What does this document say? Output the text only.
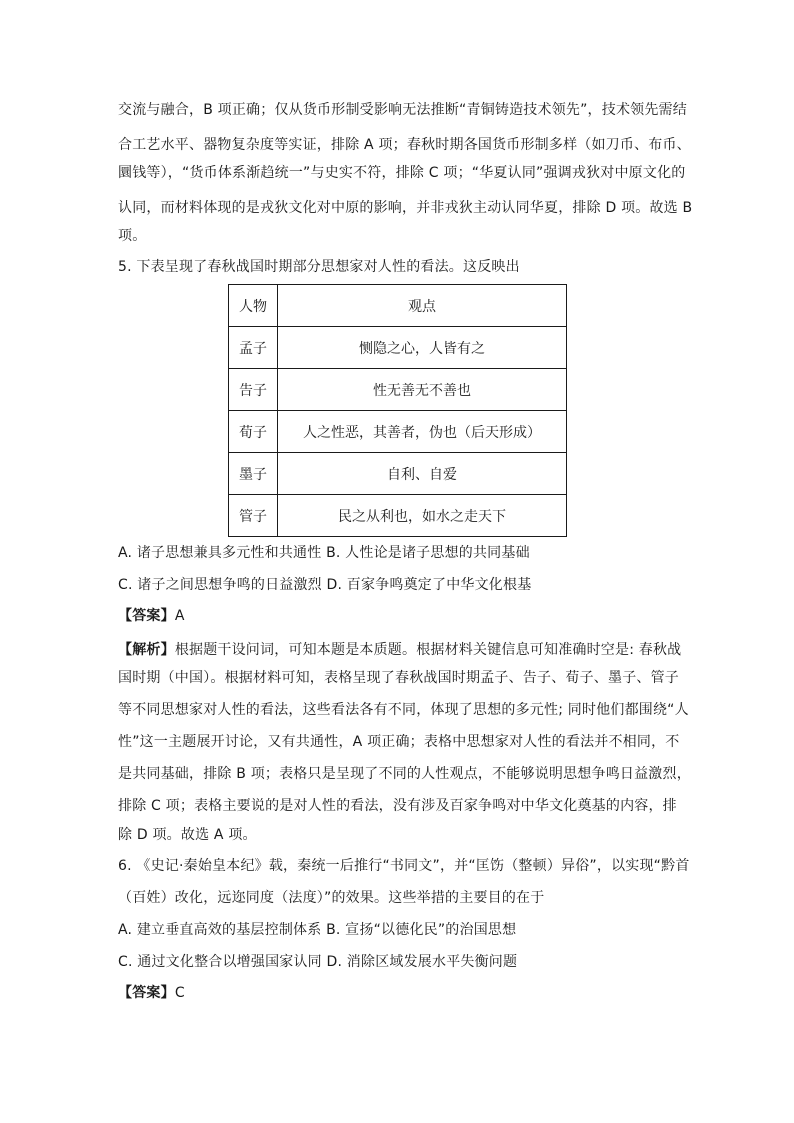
交流与融合，B 项正确；仅从货币形制受影响无法推断“青铜铸造技术领先”，技术领先需结
合工艺水平、器物复杂度等实证，排除 A 项；春秋时期各国货币形制多样（如刀币、布币、
圜钱等），“货币体系渐趋统一”与史实不符，排除 C 项；“华夏认同”强调戎狄对中原文化的
认同，而材料体现的是戎狄文化对中原的影响，并非戎狄主动认同华夏，排除 D 项。故选 B
项。
5. 下表呈现了春秋战国时期部分思想家对人性的看法。这反映出
人物	观点
孟子	恻隐之心，人皆有之
告子	性无善无不善也
荀子	人之性恶，其善者，伪也（后天形成）
墨子	自利、自爱
管子	民之从利也，如水之走天下
A. 诸子思想兼具多元性和共通性 B. 人性论是诸子思想的共同基础
C. 诸子之间思想争鸣的日益激烈 D. 百家争鸣奠定了中华文化根基
【答案】A
【解析】根据题干设问词，可知本题是本质题。根据材料关键信息可知准确时空是: 春秋战
国时期（中国）。根据材料可知，表格呈现了春秋战国时期孟子、告子、荀子、墨子、管子
等不同思想家对人性的看法，这些看法各有不同，体现了思想的多元性; 同时他们都围绕“人
性”这一主题展开讨论，又有共通性，A 项正确；表格中思想家对人性的看法并不相同，不
是共同基础，排除 B 项；表格只是呈现了不同的人性观点，不能够说明思想争鸣日益激烈，
排除 C 项；表格主要说的是对人性的看法，没有涉及百家争鸣对中华文化奠基的内容，排
除 D 项。故选 A 项。
6. 《史记·秦始皇本纪》载，秦统一后推行“书同文”，并“匡饬（整顿）异俗”，以实现“黔首
（百姓）改化，远迩同度（法度）”的效果。这些举措的主要目的在于
A. 建立垂直高效的基层控制体系 B. 宣扬“以德化民”的治国思想
C. 通过文化整合以增强国家认同 D. 消除区域发展水平失衡问题
【答案】C
